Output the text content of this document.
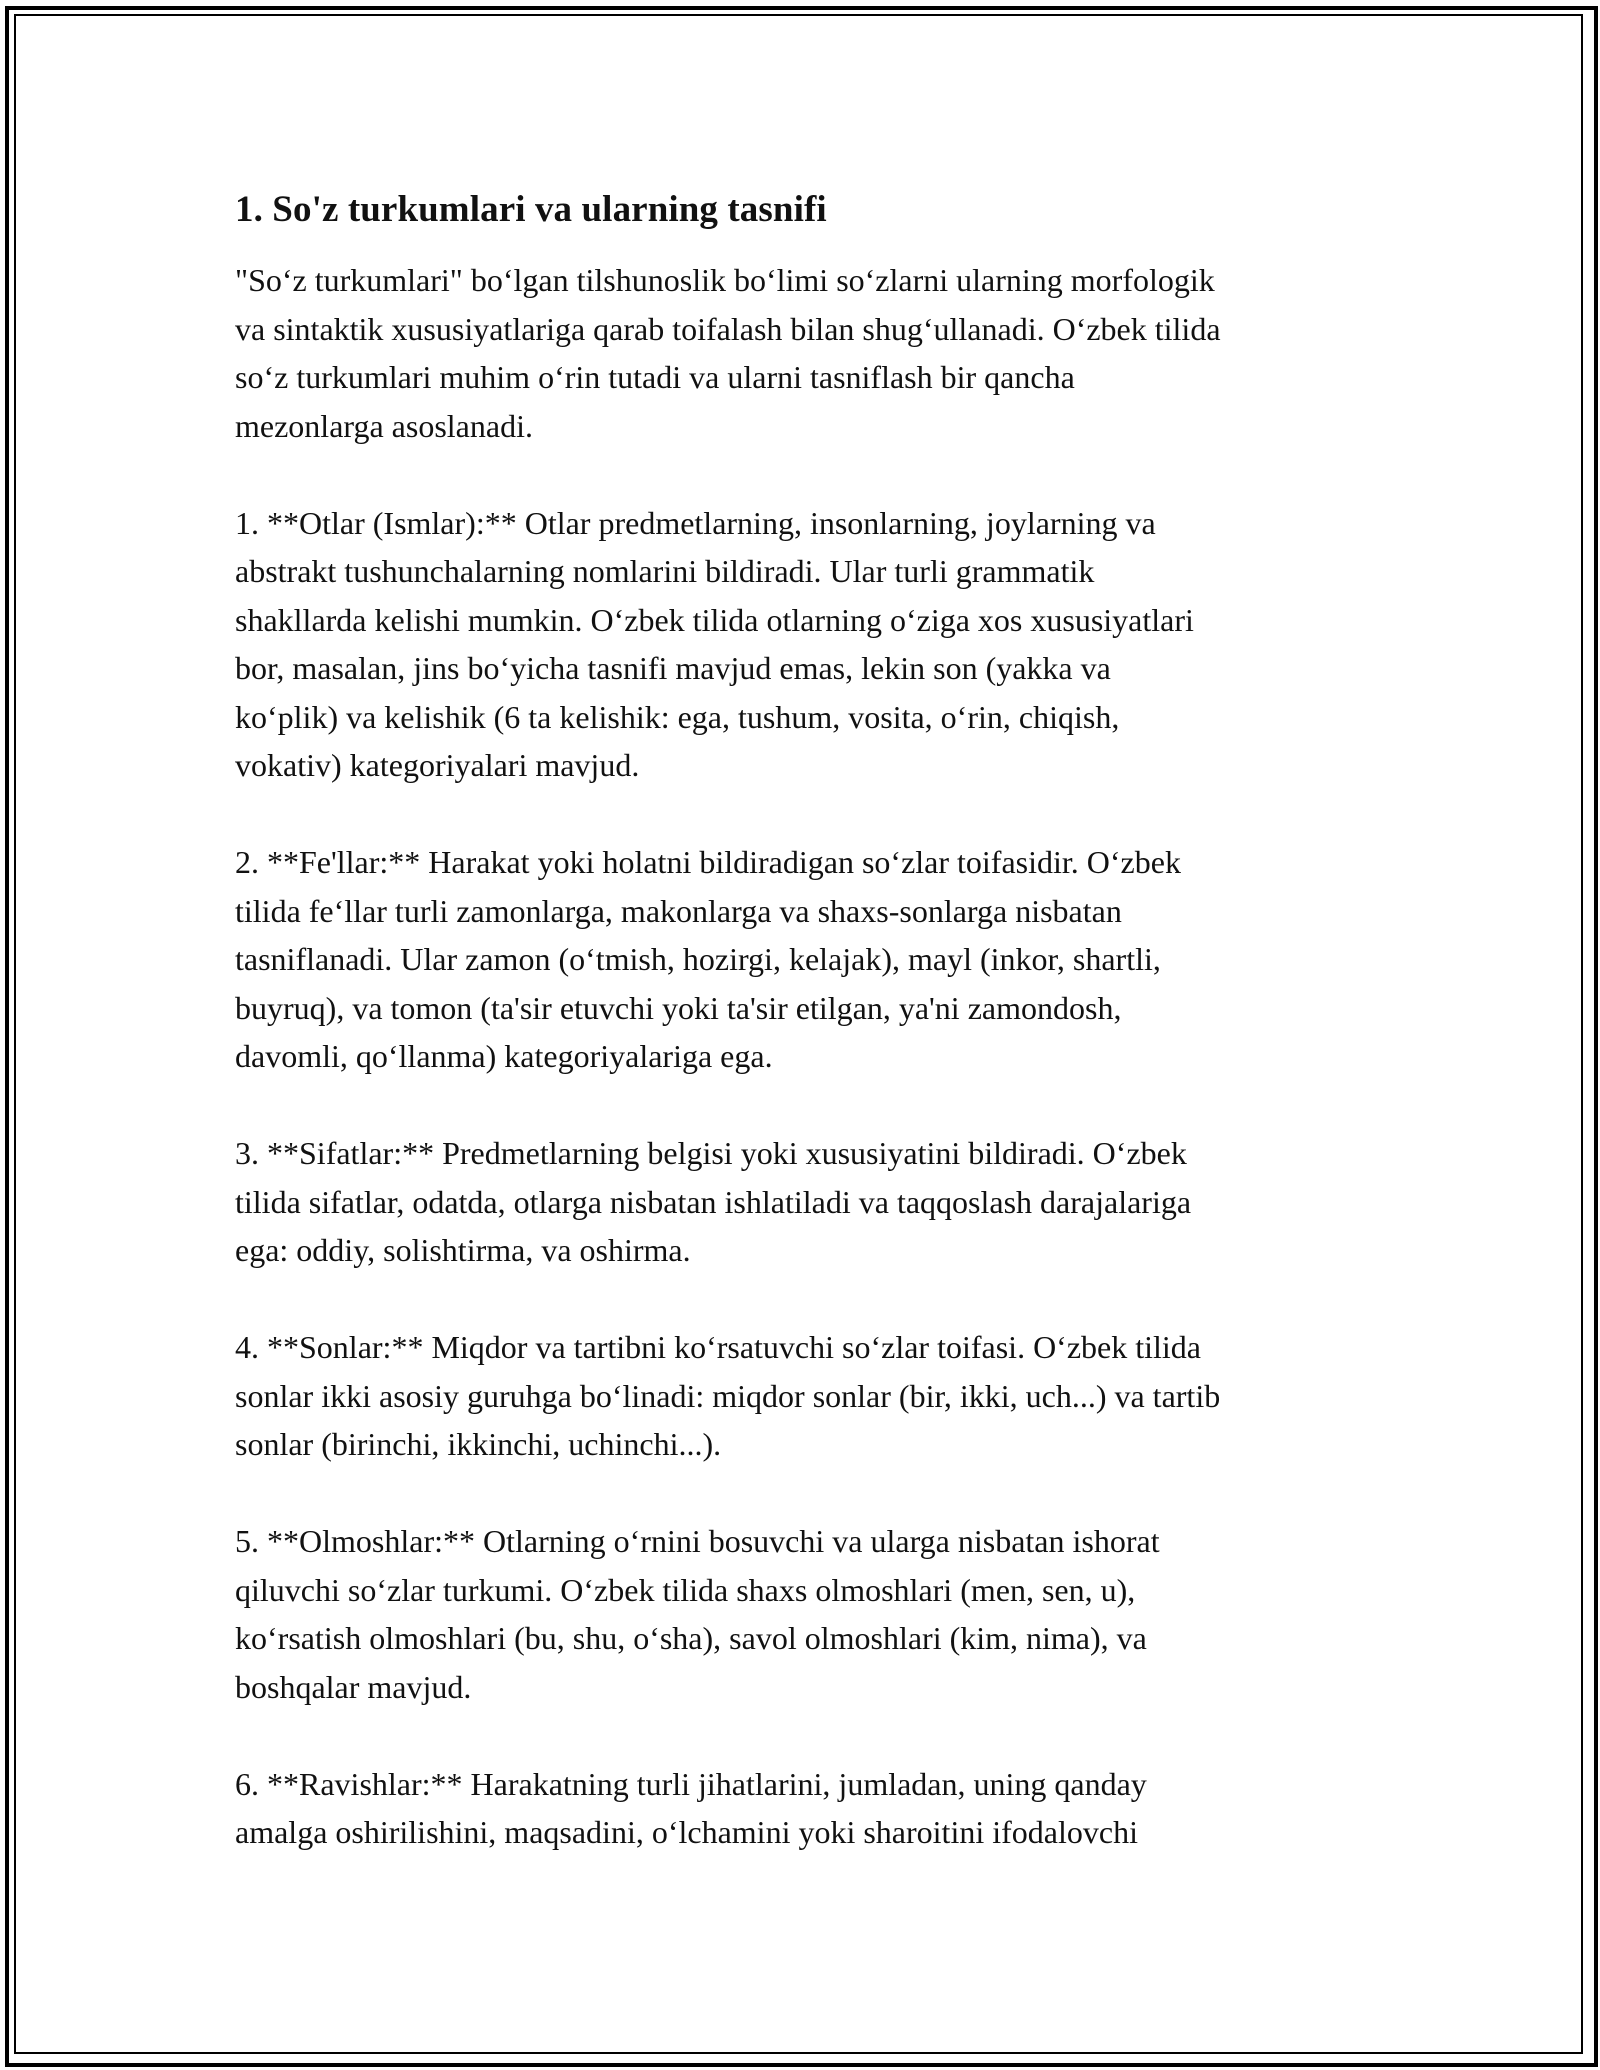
1. So'z turkumlari va ularning tasnifi

"So‘z turkumlari" bo‘lgan tilshunoslik bo‘limi so‘zlarni ularning morfologik
va sintaktik xususiyatlariga qarab toifalash bilan shug‘ullanadi. O‘zbek tilida
so‘z turkumlari muhim o‘rin tutadi va ularni tasniflash bir qancha
mezonlarga asoslanadi.

1. **Otlar (Ismlar):** Otlar predmetlarning, insonlarning, joylarning va
abstrakt tushunchalarning nomlarini bildiradi. Ular turli grammatik
shakllarda kelishi mumkin. O‘zbek tilida otlarning o‘ziga xos xususiyatlari
bor, masalan, jins bo‘yicha tasnifi mavjud emas, lekin son (yakka va
ko‘plik) va kelishik (6 ta kelishik: ega, tushum, vosita, o‘rin, chiqish,
vokativ) kategoriyalari mavjud.

2. **Fe'llar:** Harakat yoki holatni bildiradigan so‘zlar toifasidir. O‘zbek
tilida fe‘llar turli zamonlarga, makonlarga va shaxs-sonlarga nisbatan
tasniflanadi. Ular zamon (o‘tmish, hozirgi, kelajak), mayl (inkor, shartli,
buyruq), va tomon (ta'sir etuvchi yoki ta'sir etilgan, ya'ni zamondosh,
davomli, qo‘llanma) kategoriyalariga ega.

3. **Sifatlar:** Predmetlarning belgisi yoki xususiyatini bildiradi. O‘zbek
tilida sifatlar, odatda, otlarga nisbatan ishlatiladi va taqqoslash darajalariga
ega: oddiy, solishtirma, va oshirma.

4. **Sonlar:** Miqdor va tartibni ko‘rsatuvchi so‘zlar toifasi. O‘zbek tilida
sonlar ikki asosiy guruhga bo‘linadi: miqdor sonlar (bir, ikki, uch...) va tartib
sonlar (birinchi, ikkinchi, uchinchi...).

5. **Olmoshlar:** Otlarning o‘rnini bosuvchi va ularga nisbatan ishorat
qiluvchi so‘zlar turkumi. O‘zbek tilida shaxs olmoshlari (men, sen, u),
ko‘rsatish olmoshlari (bu, shu, o‘sha), savol olmoshlari (kim, nima), va
boshqalar mavjud.

6. **Ravishlar:** Harakatning turli jihatlarini, jumladan, uning qanday
amalga oshirilishini, maqsadini, o‘lchamini yoki sharoitini ifodalovchi
